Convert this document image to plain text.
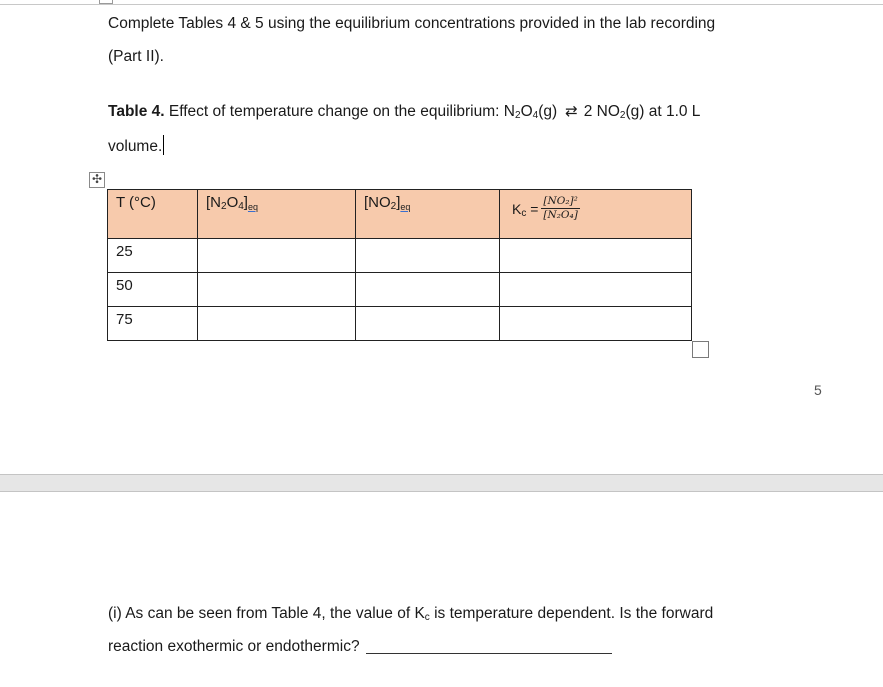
Complete Tables 4 & 5 using the equilibrium concentrations provided in the lab recording
(Part II).
Table 4. Effect of temperature change on the equilibrium: $N_2O_4(g)$ ⇄ 2 $NO_2(g)$ at 1.0 L
volume.
✣
T (°C)	$[N_2O_4]_{eq}$	$[NO_2]_{eq}$	$K_c = \frac{\text{[NO₂]²}}{\text{[N₂O₄]}}$

25			
50			
75			
5
(i) As can be seen from Table 4, the value of $K_c$ is temperature dependent. Is the forward
reaction exothermic or endothermic?
